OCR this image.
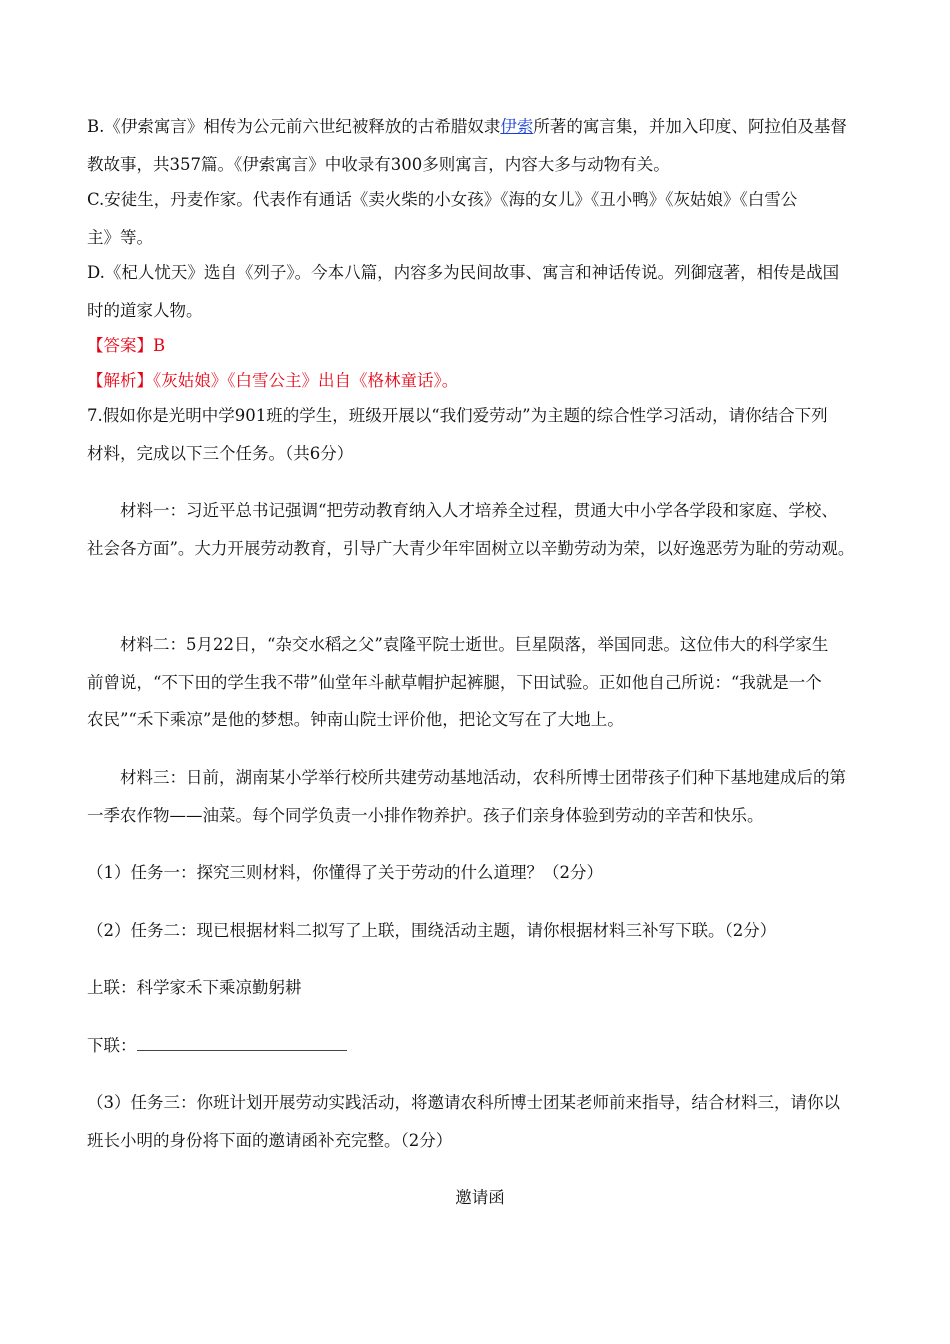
B.《伊索寓言》相传为公元前六世纪被释放的古希腊奴隶伊索所著的寓言集，并加入印度、阿拉伯及基督
教故事，共357篇。《伊索寓言》中收录有300多则寓言，内容大多与动物有关。
C.安徒生，丹麦作家。代表作有通话《卖火柴的小女孩》《海的女儿》《丑小鸭》《灰姑娘》《白雪公
主》等。
D.《杞人忧天》选自《列子》。今本八篇，内容多为民间故事、寓言和神话传说。列御寇著，相传是战国
时的道家人物。
【答案】B
【解析】《灰姑娘》《白雪公主》出自《格林童话》。
7.假如你是光明中学901班的学生，班级开展以“我们爱劳动”为主题的综合性学习活动，请你结合下列
材料，完成以下三个任务。（共6分）
材料一：习近平总书记强调“把劳动教育纳入人才培养全过程，贯通大中小学各学段和家庭、学校、
社会各方面”。大力开展劳动教育，引导广大青少年牢固树立以辛勤劳动为荣，以好逸恶劳为耻的劳动观。
材料二：5月22日，“杂交水稻之父”袁隆平院士逝世。巨星陨落，举国同悲。这位伟大的科学家生
前曾说，“不下田的学生我不带”仙堂年斗献草帽护起裤腿，下田试验。正如他自己所说：“我就是一个
农民”“禾下乘凉”是他的梦想。钟南山院士评价他，把论文写在了大地上。
材料三：日前，湖南某小学举行校所共建劳动基地活动，农科所博士团带孩子们种下基地建成后的第
一季农作物——油菜。每个同学负责一小排作物养护。孩子们亲身体验到劳动的辛苦和快乐。
（1）任务一：探究三则材料，你懂得了关于劳动的什么道理？（2分）
（2）任务二：现已根据材料二拟写了上联，围绕活动主题，请你根据材料三补写下联。（2分）
上联：科学家禾下乘凉勤躬耕
下联：
（3）任务三：你班计划开展劳动实践活动，将邀请农科所博士团某老师前来指导，结合材料三，请你以
班长小明的身份将下面的邀请函补充完整。（2分）
邀请函
